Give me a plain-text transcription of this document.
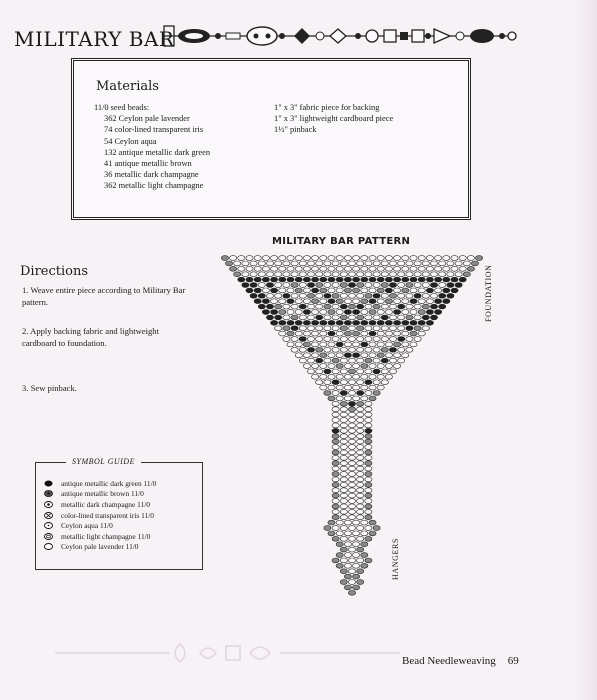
MILITARY BAR
Materials
11/0 seed beads:
362 Ceylon pale lavender
74 color-lined transparent iris
54 Ceylon aqua
132 antique metallic dark green
41 antique metallic brown
36 metallic dark champagne
362 metallic light champagne
1" x 3" fabric piece for backing
1" x 3" lightweight cardboard piece
1½" pinback
Directions
1. Weave entire piece according to Military Bar pattern.
2. Apply backing fabric and lightweight cardboard to foundation.
3. Sew pinback.
SYMBOL GUIDE
antique metallic dark green 11/0
antique metallic brown 11/0
metallic dark champagne 11/0
color-lined transparent iris 11/0
Ceylon aqua 11/0
metallic light champagne 11/0
Ceylon pale lavender 11/0
MILITARY BAR PATTERN
FOUNDATION
HANGERS
Bead Needleweaving 69
